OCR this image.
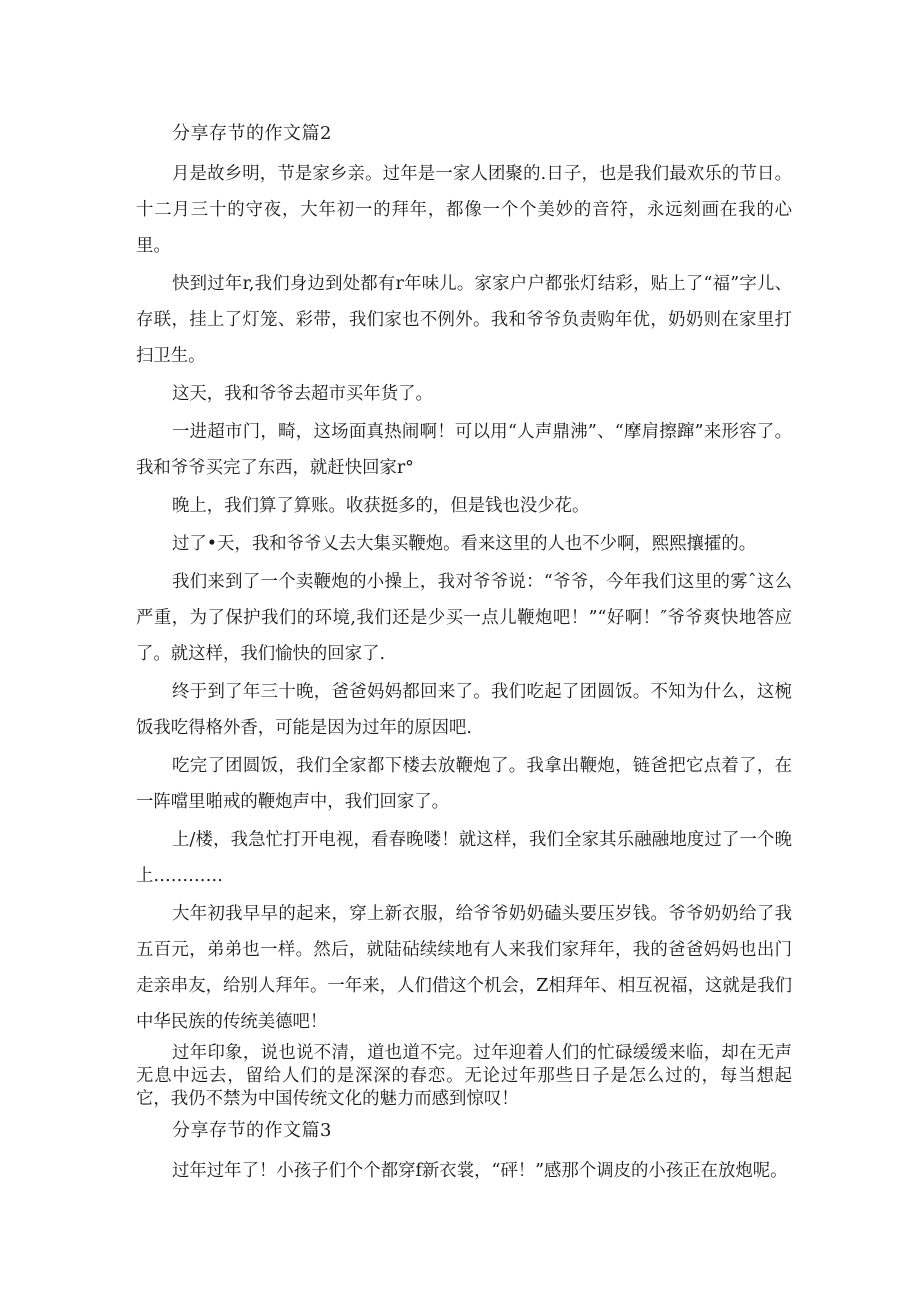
分享存节的作文篇2

月是故乡明，节是家乡亲。过年是一家人团聚的.日子，也是我们最欢乐的节日。十二月三十的守夜，大年初一的拜年，都像一个个美妙的音符，永远刻画在我的心里。

快到过年r,我们身边到处都有r年味儿。家家户户都张灯结彩，贴上了“福”字儿、存联，挂上了灯笼、彩带，我们家也不例外。我和爷爷负责购年优，奶奶则在家里打扫卫生。

这天，我和爷爷去超市买年货了。

一进超市门，畸，这场面真热闹啊！可以用“人声鼎沸”、“摩肩擦蹿”来形容了。我和爷爷买完了东西，就赶快回家r°

晚上，我们算了算账。收获挺多的，但是钱也没少花。

过了•天，我和爷爷乂去大集买鞭炮。看来这里的人也不少啊，熙熙攘攉的。

我们来到了一个卖鞭炮的小操上，我对爷爷说：“爷爷，今年我们这里的雾ˆ这么严重，为了保护我们的环境,我们还是少买一点儿鞭炮吧！”“好啊！″爷爷爽快地答应了。就这样，我们愉快的回家了.

终于到了年三十晚，爸爸妈妈都回来了。我们吃起了团圆饭。不知为什么，这椀饭我吃得格外香，可能是因为过年的原因吧.

吃完了团圆饭，我们全家都下楼去放鞭炮了。我拿出鞭炮，链爸把它点着了，在一阵噹里啪戒的鞭炮声中，我们回家了。

上/楼，我急忙打开电视，看春晚喽！就这样，我们全家其乐融融地度过了一个晚上…………

大年初我早早的起来，穿上新衣服，给爷爷奶奶磕头要压岁钱。爷爷奶奶给了我五百元，弟弟也一样。然后，就陆砧续续地有人来我们家拜年，我的爸爸妈妈也出门走亲串友，给别人拜年。一年来，人们借这个机会，Z相拜年、相互祝福，这就是我们中华民族的传统美德吧！

过年印象，说也说不清，道也道不完。过年迎着人们的忙碌缓缓来临，却在无声无息中远去，留给人们的是深深的春恋。无论过年那些日子是怎么过的，每当想起它，我仍不禁为中国传统文化的魅力而感到惊叹！

分享存节的作文篇3

过年过年了！小孩子们个个都穿f新衣裳，“砰！”感那个调皮的小孩正在放炮呢。
